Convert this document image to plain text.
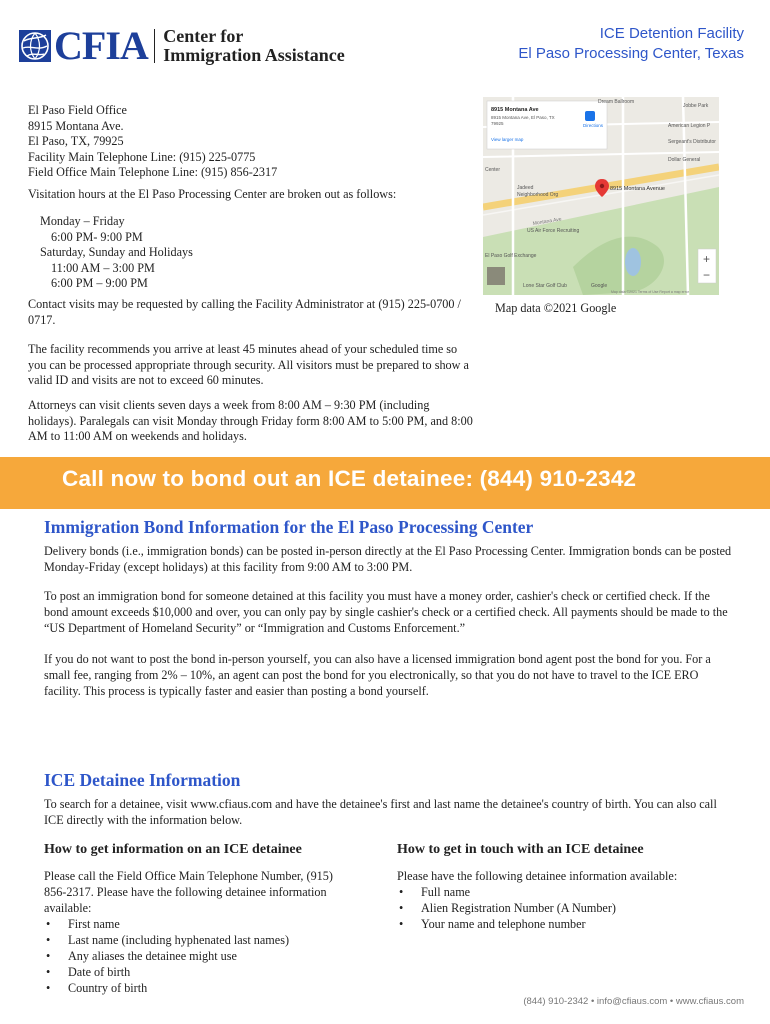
CFIA Center for
Immigration Assistance
ICE Detention Facility
El Paso Processing Center, Texas
El Paso Field Office
8915 Montana Ave.
El Paso, TX, 79925
Facility Main Telephone Line: (915) 225-0775
Field Office Main Telephone Line: (915) 856-2317
Visitation hours at the El Paso Processing Center are broken out as follows:
Monday – Friday
6:00 PM- 9:00 PM
Saturday, Sunday and Holidays
11:00 AM – 3:00 PM
6:00 PM – 9:00 PM
Contact visits may be requested by calling the Facility Administrator at (915) 225-0700 / 0717.
The facility recommends you arrive at least 45 minutes ahead of your scheduled time so you can be processed appropriate through security. All visitors must be prepared to show a valid ID and visits are not to exceed 60 minutes.
Attorneys can visit clients seven days a week from 8:00 AM – 9:30 PM (including holidays). Paralegals can visit Monday through Friday form 8:00 AM to 5:00 PM, and 8:00 AM to 11:00 AM on weekends and holidays.
8915 Montana Ave
8915 Montana Ave, El Paso, TX
79925
View larger map
Directions
Dream Ballroom
Jobbe Park
American Legion P
Sergeant's Distributor
Dollar General
Center
Jadeed
Neighborhood Org
Montana Ave
US Air Force Recruiting
El Paso Golf Exchange
Lone Star Golf Club	Google
Map data ©2021 Terms of Use Report a map error
8915 Montana Avenue
+
−
Map data ©2021 Google
Call now to bond out an ICE detainee: (844) 910-2342
Immigration Bond Information for the El Paso Processing Center
Delivery bonds (i.e., immigration bonds) can be posted in-person directly at the El Paso Processing Center. Immigration bonds can be posted Monday-Friday (except holidays) at this facility from 9:00 AM to 3:00 PM.
To post an immigration bond for someone detained at this facility you must have a money order, cashier's check or certified check. If the bond amount exceeds $10,000 and over, you can only pay by single cashier's check or a certified check. All payments should be made to the “US Department of Homeland Security” or “Immigration and Customs Enforcement.”
If you do not want to post the bond in-person yourself, you can also have a licensed immigration bond agent post the bond for you. For a small fee, ranging from 2% – 10%, an agent can post the bond for you electronically, so that you do not have to travel to the ICE ERO facility. This process is typically faster and easier than posting a bond yourself.
ICE Detainee Information
To search for a detainee, visit www.cfiaus.com and have the detainee's first and last name the detainee's country of birth. You can also call ICE directly with the information below.
How to get information on an ICE detainee	How to get in touch with an ICE detainee
Please call the Field Office Main Telephone Number, (915) 856-2317. Please have the following detainee information available:
• First name
• Last name (including hyphenated last names)
• Any aliases the detainee might use
• Date of birth
• Country of birth
Please have the following detainee information available:
• Full name
• Alien Registration Number (A Number)
• Your name and telephone number
(844) 910-2342 • info@cfiaus.com • www.cfiaus.com
